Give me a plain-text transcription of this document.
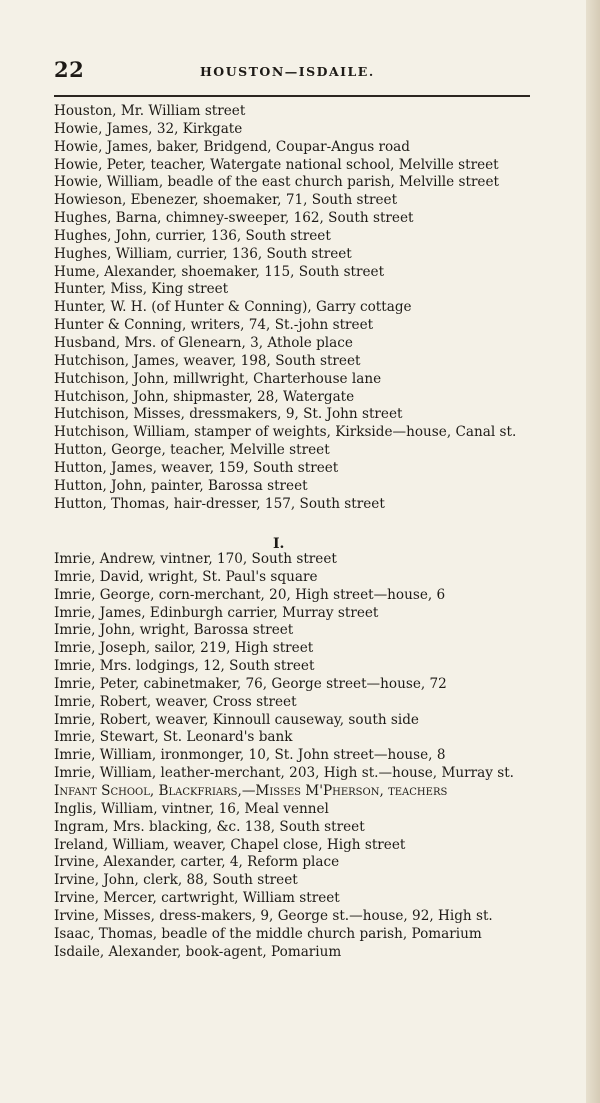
22	HOUSTON—ISDAILE.
Houston, Mr. William street
Howie, James, 32, Kirkgate
Howie, James, baker, Bridgend, Coupar-Angus road
Howie, Peter, teacher, Watergate national school, Melville street
Howie, William, beadle of the east church parish, Melville street
Howieson, Ebenezer, shoemaker, 71, South street
Hughes, Barna, chimney-sweeper, 162, South street
Hughes, John, currier, 136, South street
Hughes, William, currier, 136, South street
Hume, Alexander, shoemaker, 115, South street
Hunter, Miss, King street
Hunter, W. H. (of Hunter & Conning), Garry cottage
Hunter & Conning, writers, 74, St.-john street
Husband, Mrs. of Glenearn, 3, Athole place
Hutchison, James, weaver, 198, South street
Hutchison, John, millwright, Charterhouse lane
Hutchison, John, shipmaster, 28, Watergate
Hutchison, Misses, dressmakers, 9, St. John street
Hutchison, William, stamper of weights, Kirkside—house, Canal st.
Hutton, George, teacher, Melville street
Hutton, James, weaver, 159, South street
Hutton, John, painter, Barossa street
Hutton, Thomas, hair-dresser, 157, South street
I.
Imrie, Andrew, vintner, 170, South street
Imrie, David, wright, St. Paul's square
Imrie, George, corn-merchant, 20, High street—house, 6
Imrie, James, Edinburgh carrier, Murray street
Imrie, John, wright, Barossa street
Imrie, Joseph, sailor, 219, High street
Imrie, Mrs. lodgings, 12, South street
Imrie, Peter, cabinetmaker, 76, George street—house, 72
Imrie, Robert, weaver, Cross street
Imrie, Robert, weaver, Kinnoull causeway, south side
Imrie, Stewart, St. Leonard's bank
Imrie, William, ironmonger, 10, St. John street—house, 8
Imrie, William, leather-merchant, 203, High st.—house, Murray st.
Infant School, Blackfriars,—Misses M'Pherson, teachers
Inglis, William, vintner, 16, Meal vennel
Ingram, Mrs. blacking, &c. 138, South street
Ireland, William, weaver, Chapel close, High street
Irvine, Alexander, carter, 4, Reform place
Irvine, John, clerk, 88, South street
Irvine, Mercer, cartwright, William street
Irvine, Misses, dress-makers, 9, George st.—house, 92, High st.
Isaac, Thomas, beadle of the middle church parish, Pomarium
Isdaile, Alexander, book-agent, Pomarium
